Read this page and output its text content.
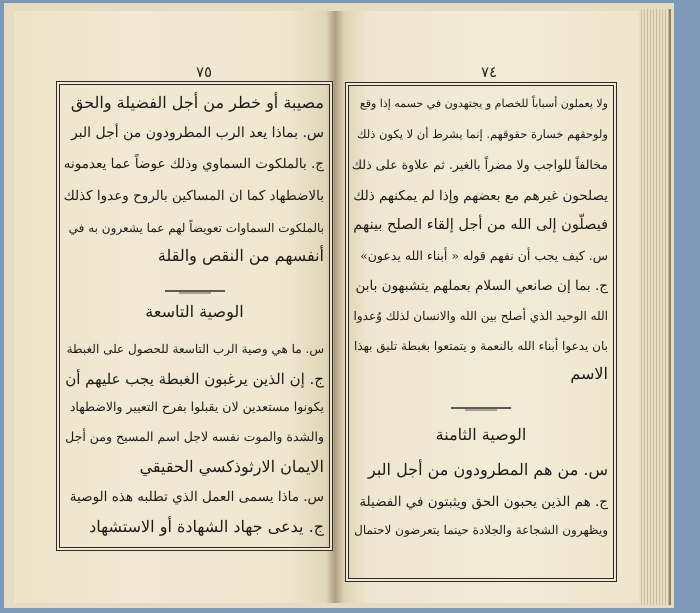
٧٥	٧٤
مصيبة أو خطر من أجل الفضيلة والحق
س. بماذا يعد الرب المطرودون من أجل البر
ج. بالملكوت السماوي وذلك عوضاً عما يعدمونه
بالاضطهاد كما ان المساكين بالروح وعدوا كذلك
بالملكوت السماوات تعويضاً لهم عما يشعرون به في
أنفسهم من النقص والقلة
الوصية التاسعة
س. ما هي وصية الرب التاسعة للحصول على الغبطة
ج. إن الذين يرغبون الغبطة يجب عليهم أن
يكونوا مستعدين لان يقبلوا بفرح التعيير والاضطهاد
والشدة والموت نفسه لاجل اسم المسيح ومن أجل
الايمان الارثوذكسي الحقيقي
س. ماذا يسمى العمل الذي تطلبه هذه الوصية
ج. يدعى جهاد الشهادة أو الاستشهاد
ولا يعملون أسباباً للخصام و يجتهدون في حسمه إذا وقع
ولوحقهم خسارة حقوقهم. إنما يشرط أن لا يكون ذلك
مخالفاً للواجب ولا مضراً بالغير. ثم علاوة على ذلك
يصلحون غيرهم مع بعضهم وإذا لم يمكنهم ذلك
فيصلّون إلى الله من أجل إلقاء الصلح بينهم
س. كيف يجب أن نفهم قوله « أبناء الله يدعون»
ج. بما إن صانعي السلام بعملهم يتشبهون بابن
الله الوحيد الذي أصلح بين الله والانسان لذلك وُعدوا
بان يدعوا أبناء الله بالنعمة و يتمتعوا بغبطة تليق بهذا
الاسم
الوصية الثامنة
س. من هم المطرودون من أجل البر
ج. هم الذين يحبون الحق ويثبتون في الفضيلة
ويظهرون الشجاعة والجلادة حينما يتعرضون لاحتمال
